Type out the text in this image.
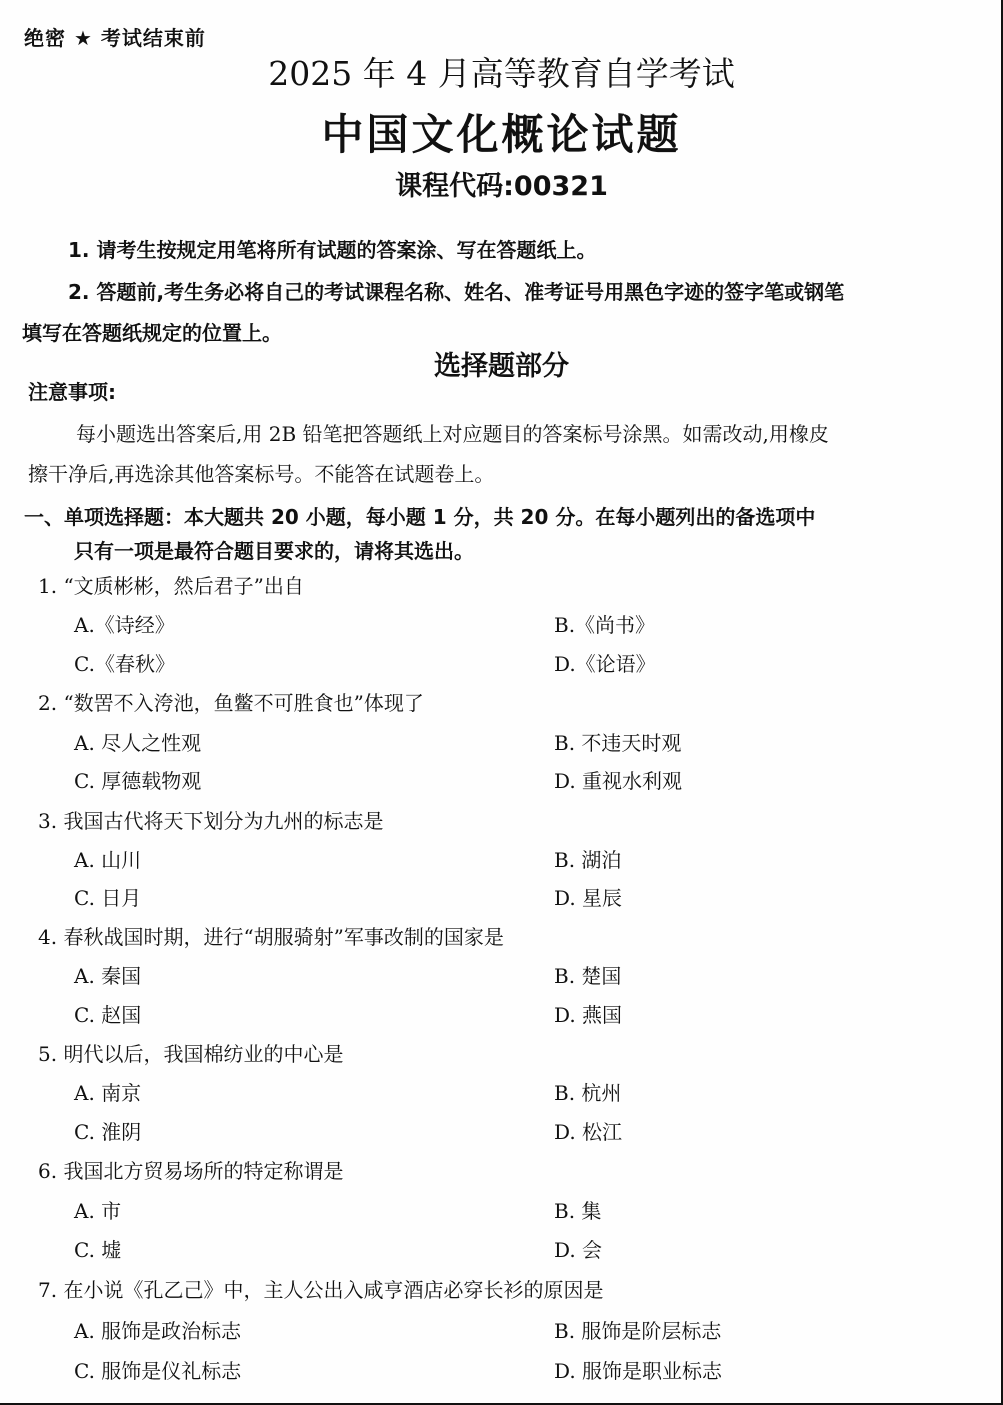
绝密 ★ 考试结束前
2025 年 4 月高等教育自学考试
中国文化概论试题
课程代码:00321
1. 请考生按规定用笔将所有试题的答案涂、写在答题纸上。
2. 答题前,考生务必将自己的考试课程名称、姓名、准考证号用黑色字迹的签字笔或钢笔
填写在答题纸规定的位置上。
选择题部分
注意事项:
每小题选出答案后,用 2B 铅笔把答题纸上对应题目的答案标号涂黑。如需改动,用橡皮
擦干净后,再选涂其他答案标号。不能答在试题卷上。
一、单项选择题：本大题共 20 小题，每小题 1 分，共 20 分。在每小题列出的备选项中
只有一项是最符合题目要求的，请将其选出。
1. “文质彬彬，然后君子”出自
A.《诗经》	B.《尚书》
C.《春秋》	D.《论语》
2. “数罟不入洿池，鱼鳖不可胜食也”体现了
A. 尽人之性观	B. 不违天时观
C. 厚德载物观	D. 重视水利观
3. 我国古代将天下划分为九州的标志是
A. 山川	B. 湖泊
C. 日月	D. 星辰
4. 春秋战国时期，进行“胡服骑射”军事改制的国家是
A. 秦国	B. 楚国
C. 赵国	D. 燕国
5. 明代以后，我国棉纺业的中心是
A. 南京	B. 杭州
C. 淮阴	D. 松江
6. 我国北方贸易场所的特定称谓是
A. 市	B. 集
C. 墟	D. 会
7. 在小说《孔乙己》中，主人公出入咸亨酒店必穿长衫的原因是
A. 服饰是政治标志	B. 服饰是阶层标志
C. 服饰是仪礼标志	D. 服饰是职业标志
